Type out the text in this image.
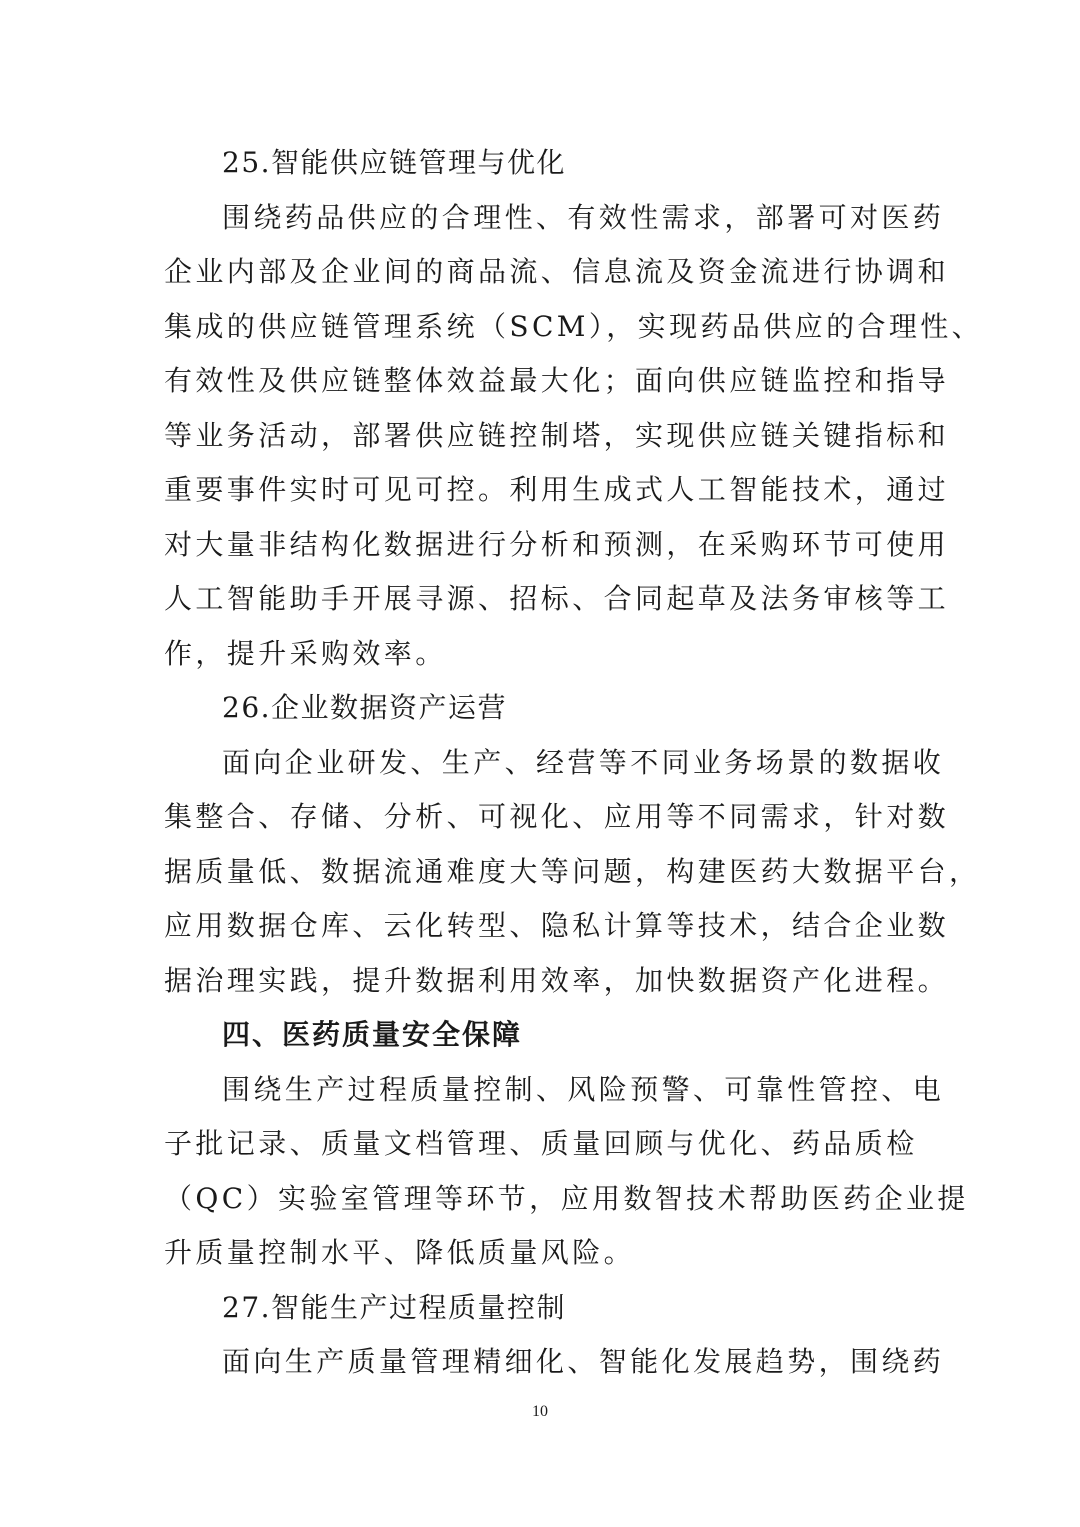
25.智能供应链管理与优化
围绕药品供应的合理性、有效性需求，部署可对医药
企业内部及企业间的商品流、信息流及资金流进行协调和
集成的供应链管理系统（SCM），实现药品供应的合理性、
有效性及供应链整体效益最大化；面向供应链监控和指导
等业务活动，部署供应链控制塔，实现供应链关键指标和
重要事件实时可见可控。利用生成式人工智能技术，通过
对大量非结构化数据进行分析和预测，在采购环节可使用
人工智能助手开展寻源、招标、合同起草及法务审核等工
作，提升采购效率。
26.企业数据资产运营
面向企业研发、生产、经营等不同业务场景的数据收
集整合、存储、分析、可视化、应用等不同需求，针对数
据质量低、数据流通难度大等问题，构建医药大数据平台，
应用数据仓库、云化转型、隐私计算等技术，结合企业数
据治理实践，提升数据利用效率，加快数据资产化进程。
四、医药质量安全保障
围绕生产过程质量控制、风险预警、可靠性管控、电
子批记录、质量文档管理、质量回顾与优化、药品质检
（QC）实验室管理等环节，应用数智技术帮助医药企业提
升质量控制水平、降低质量风险。
27.智能生产过程质量控制
面向生产质量管理精细化、智能化发展趋势，围绕药
10
